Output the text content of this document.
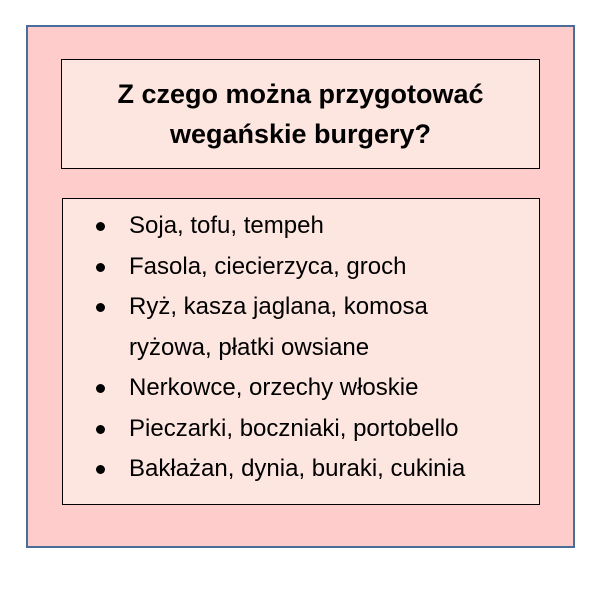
Z czego można przygotować
wegańskie burgery?

Soja, tofu, tempeh
Fasola, ciecierzyca, groch
Ryż, kasza jaglana, komosa ryżowa, płatki owsiane
Nerkowce, orzechy włoskie
Pieczarki, boczniaki, portobello
Bakłażan, dynia, buraki, cukinia
